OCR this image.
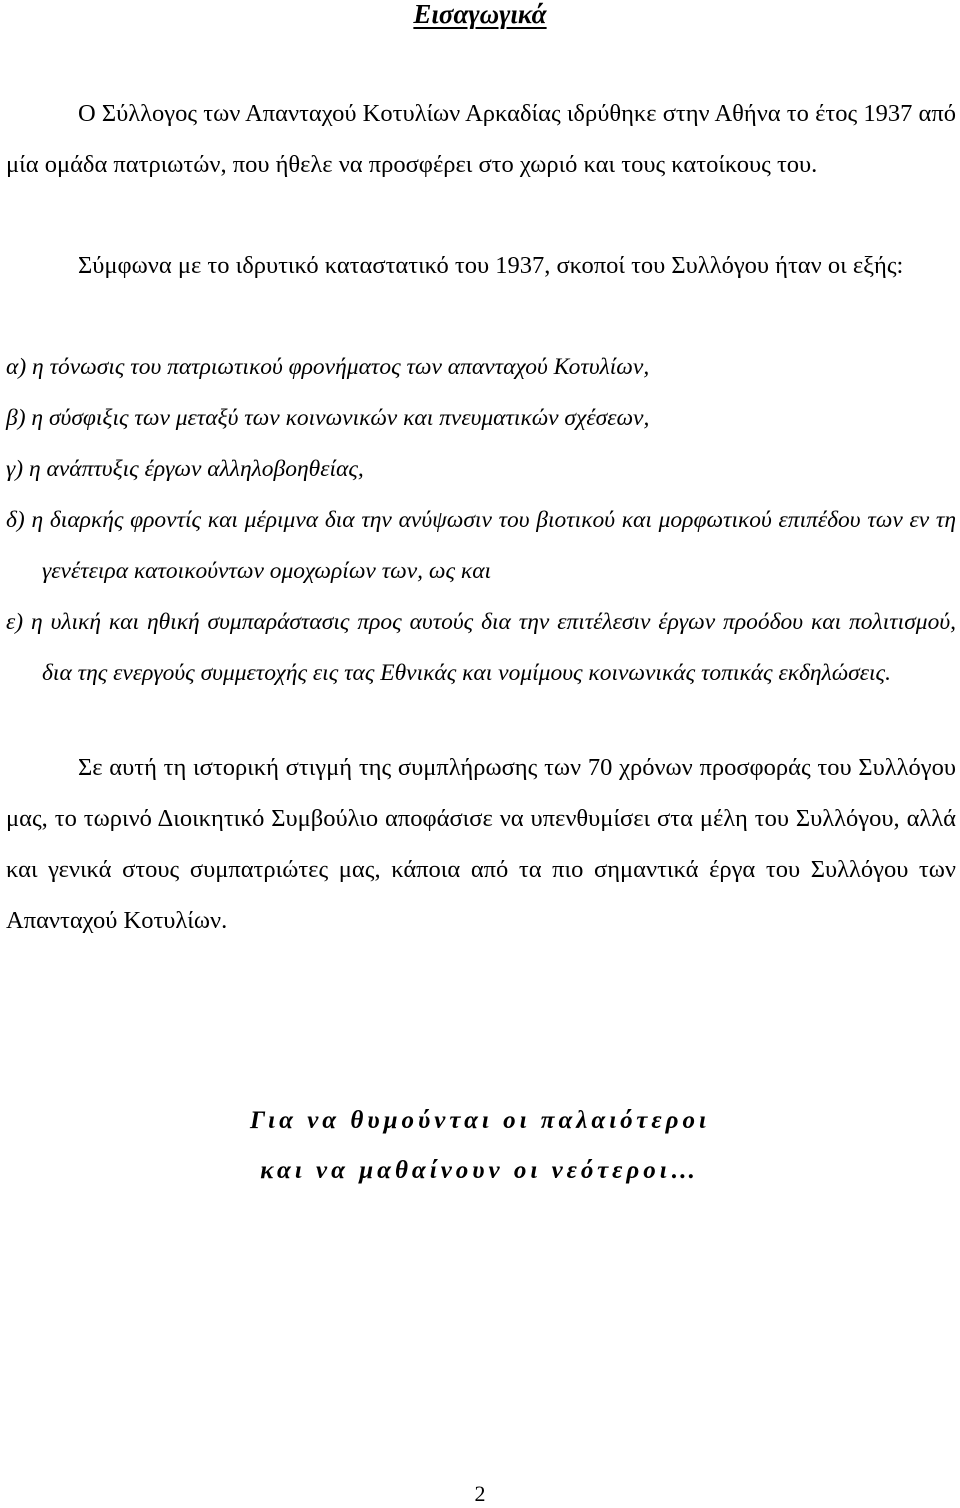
Εισαγωγικά

Ο Σύλλογος των Απανταχού Κοτυλίων Αρκαδίας ιδρύθηκε στην Αθήνα το έτος 1937 από μία ομάδα πατριωτών, που ήθελε να προσφέρει στο χωριό και τους κατοίκους του.

Σύμφωνα με το ιδρυτικό καταστατικό του 1937, σκοποί του Συλλόγου ήταν οι εξής:

α) η τόνωσις του πατριωτικού φρονήματος των απανταχού Κοτυλίων,
β) η σύσφιξις των μεταξύ των κοινωνικών και πνευματικών σχέσεων,
γ) η ανάπτυξις έργων αλληλοβοηθείας,
δ) η διαρκής φροντίς και μέριμνα δια την ανύψωσιν του βιοτικού και μορφωτικού επιπέδου των εν τη γενέτειρα κατοικούντων ομοχωρίων των, ως και
ε) η υλική και ηθική συμπαράστασις προς αυτούς δια την επιτέλεσιν έργων προόδου και πολιτισμού, δια της ενεργούς συμμετοχής εις τας Εθνικάς και νομίμους κοινωνικάς τοπικάς εκδηλώσεις.

Σε αυτή τη ιστορική στιγμή της συμπλήρωσης των 70 χρόνων προσφοράς του Συλλόγου μας, το τωρινό Διοικητικό Συμβούλιο αποφάσισε να υπενθυμίσει στα μέλη του Συλλόγου, αλλά και γενικά στους συμπατριώτες μας, κάποια από τα πιο σημαντικά έργα του Συλλόγου των Απανταχού Κοτυλίων.

Για να θυμούνται οι παλαιότεροι
και να μαθαίνουν οι νεότεροι…
2
